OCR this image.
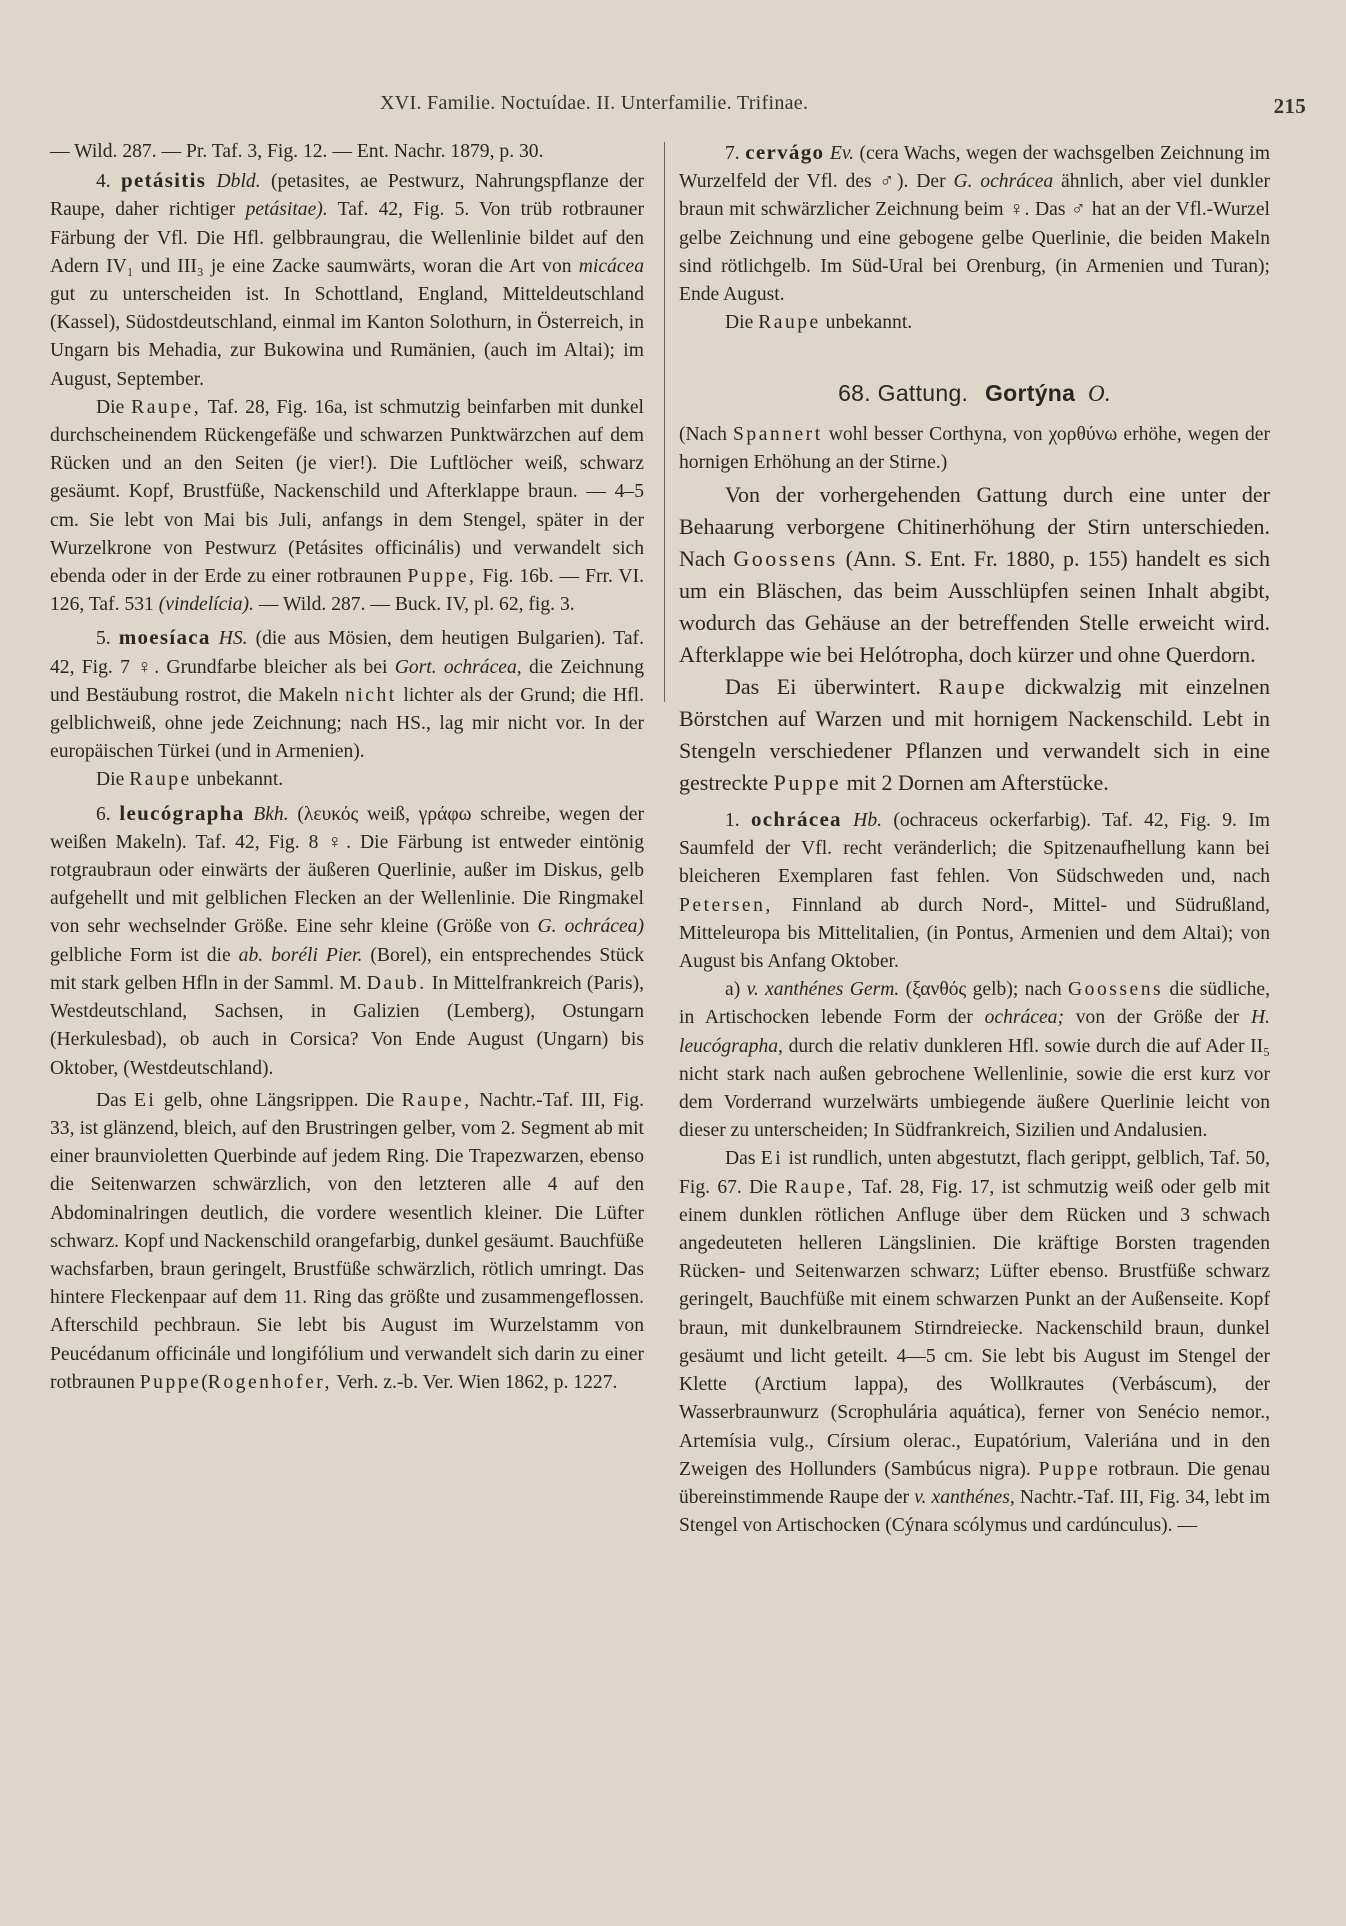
XVI. Familie. Noctuídae. II. Unterfamilie. Trifinae.	215

— Wild. 287. — Pr. Taf. 3, Fig. 12. — Ent. Nachr. 1879, p. 30.

4. petásitis Dbld. (petasites, ae Pestwurz, Nahrungspflanze der Raupe, daher richtiger petásitae). Taf. 42, Fig. 5. Von trüb rotbrauner Färbung der Vfl. Die Hfl. gelbbraungrau, die Wellenlinie bildet auf den Adern IV₁ und III₃ je eine Zacke saumwärts, woran die Art von micácea gut zu unterscheiden ist. In Schottland, England, Mitteldeutschland (Kassel), Südostdeutschland, einmal im Kanton Solothurn, in Österreich, in Ungarn bis Mehadia, zur Bukowina und Rumänien, (auch im Altai); im August, September.

Die Raupe, Taf. 28, Fig. 16a, ist schmutzig beinfarben mit dunkel durchscheinendem Rückengefäße und schwarzen Punktwärzchen auf dem Rücken und an den Seiten (je vier!). Die Luftlöcher weiß, schwarz gesäumt. Kopf, Brustfüße, Nackenschild und Afterklappe braun. — 4–5 cm. Sie lebt von Mai bis Juli, anfangs in dem Stengel, später in der Wurzelkrone von Pestwurz (Petásites officinális) und verwandelt sich ebenda oder in der Erde zu einer rotbraunen Puppe, Fig. 16b. — Frr. VI. 126, Taf. 531 (vindelícia). — Wild. 287. — Buck. IV, pl. 62, fig. 3.

5. moesíaca HS. (die aus Mösien, dem heutigen Bulgarien). Taf. 42, Fig. 7 ♀. Grundfarbe bleicher als bei Gort. ochrácea, die Zeichnung und Bestäubung rostrot, die Makeln nicht lichter als der Grund; die Hfl. gelblichweiß, ohne jede Zeichnung; nach HS., lag mir nicht vor. In der europäischen Türkei (und in Armenien).

Die Raupe unbekannt.

6. leucógrapha Bkh. (λευκός weiß, γράφω schreibe, wegen der weißen Makeln). Taf. 42, Fig. 8 ♀. Die Färbung ist entweder eintönig rotgraubraun oder einwärts der äußeren Querlinie, außer im Diskus, gelb aufgehellt und mit gelblichen Flecken an der Wellenlinie. Die Ringmakel von sehr wechselnder Größe. Eine sehr kleine (Größe von G. ochrácea) gelbliche Form ist die ab. boréli Pier. (Borel), ein entsprechendes Stück mit stark gelben Hfln in der Samml. M. Daub. In Mittelfrankreich (Paris), Westdeutschland, Sachsen, in Galizien (Lemberg), Ostungarn (Herkulesbad), ob auch in Corsica? Von Ende August (Ungarn) bis Oktober, (Westdeutschland).

Das Ei gelb, ohne Längsrippen. Die Raupe, Nachtr.-Taf. III, Fig. 33, ist glänzend, bleich, auf den Brustringen gelber, vom 2. Segment ab mit einer braunvioletten Querbinde auf jedem Ring. Die Trapezwarzen, ebenso die Seitenwarzen schwärzlich, von den letzteren alle 4 auf den Abdominalringen deutlich, die vordere wesentlich kleiner. Die Lüfter schwarz. Kopf und Nackenschild orangefarbig, dunkel gesäumt. Bauchfüße wachsfarben, braun geringelt, Brustfüße schwärzlich, rötlich umringt. Das hintere Fleckenpaar auf dem 11. Ring das größte und zusammengeflossen. Afterschild pechbraun. Sie lebt bis August im Wurzelstamm von Peucédanum officinále und longifólium und verwandelt sich darin zu einer rotbraunen Puppe(Rogenhofer, Verh. z.-b. Ver. Wien 1862, p. 1227.

7. cervágo Ev. (cera Wachs, wegen der wachsgelben Zeichnung im Wurzelfeld der Vfl. des ♂). Der G. ochrácea ähnlich, aber viel dunkler braun mit schwärzlicher Zeichnung beim ♀. Das ♂ hat an der Vfl.-Wurzel gelbe Zeichnung und eine gebogene gelbe Querlinie, die beiden Makeln sind rötlichgelb. Im Süd-Ural bei Orenburg, (in Armenien und Turan); Ende August.

Die Raupe unbekannt.

68. Gattung. Gortýna O.

(Nach Spannert wohl besser Corthyna, von χορθύνω erhöhe, wegen der hornigen Erhöhung an der Stirne.)

Von der vorhergehenden Gattung durch eine unter der Behaarung verborgene Chitinerhöhung der Stirn unterschieden. Nach Goossens (Ann. S. Ent. Fr. 1880, p. 155) handelt es sich um ein Bläschen, das beim Ausschlüpfen seinen Inhalt abgibt, wodurch das Gehäuse an der betreffenden Stelle erweicht wird. Afterklappe wie bei Helótropha, doch kürzer und ohne Querdorn.

Das Ei überwintert. Raupe dickwalzig mit einzelnen Börstchen auf Warzen und mit hornigem Nackenschild. Lebt in Stengeln verschiedener Pflanzen und verwandelt sich in eine gestreckte Puppe mit 2 Dornen am Afterstücke.

1. ochrácea Hb. (ochraceus ockerfarbig). Taf. 42, Fig. 9. Im Saumfeld der Vfl. recht veränderlich; die Spitzenaufhellung kann bei bleicheren Exemplaren fast fehlen. Von Südschweden und, nach Petersen, Finnland ab durch Nord-, Mittel- und Südrußland, Mitteleuropa bis Mittelitalien, (in Pontus, Armenien und dem Altai); von August bis Anfang Oktober.

a) v. xanthénes Germ. (ξανθός gelb); nach Goossens die südliche, in Artischocken lebende Form der ochrácea; von der Größe der H. leucógrapha, durch die relativ dunkleren Hfl. sowie durch die auf Ader II₅ nicht stark nach außen gebrochene Wellenlinie, sowie die erst kurz vor dem Vorderrand wurzelwärts umbiegende äußere Querlinie leicht von dieser zu unterscheiden; In Südfrankreich, Sizilien und Andalusien.

Das Ei ist rundlich, unten abgestutzt, flach gerippt, gelblich, Taf. 50, Fig. 67. Die Raupe, Taf. 28, Fig. 17, ist schmutzig weiß oder gelb mit einem dunklen rötlichen Anfluge über dem Rücken und 3 schwach angedeuteten helleren Längslinien. Die kräftige Borsten tragenden Rücken- und Seitenwarzen schwarz; Lüfter ebenso. Brustfüße schwarz geringelt, Bauchfüße mit einem schwarzen Punkt an der Außenseite. Kopf braun, mit dunkelbraunem Stirndreiecke. Nackenschild braun, dunkel gesäumt und licht geteilt. 4—5 cm. Sie lebt bis August im Stengel der Klette (Arctium lappa), des Wollkrautes (Verbáscum), der Wasserbraunwurz (Scrophulária aquática), ferner von Senécio nemor., Artemísia vulg., Círsium olerac., Eupatórium, Valeriána und in den Zweigen des Hollunders (Sambúcus nigra). Puppe rotbraun. Die genau übereinstimmende Raupe der v. xanthénes, Nachtr.-Taf. III, Fig. 34, lebt im Stengel von Artischocken (Cýnara scólymus und cardúnculus). —
